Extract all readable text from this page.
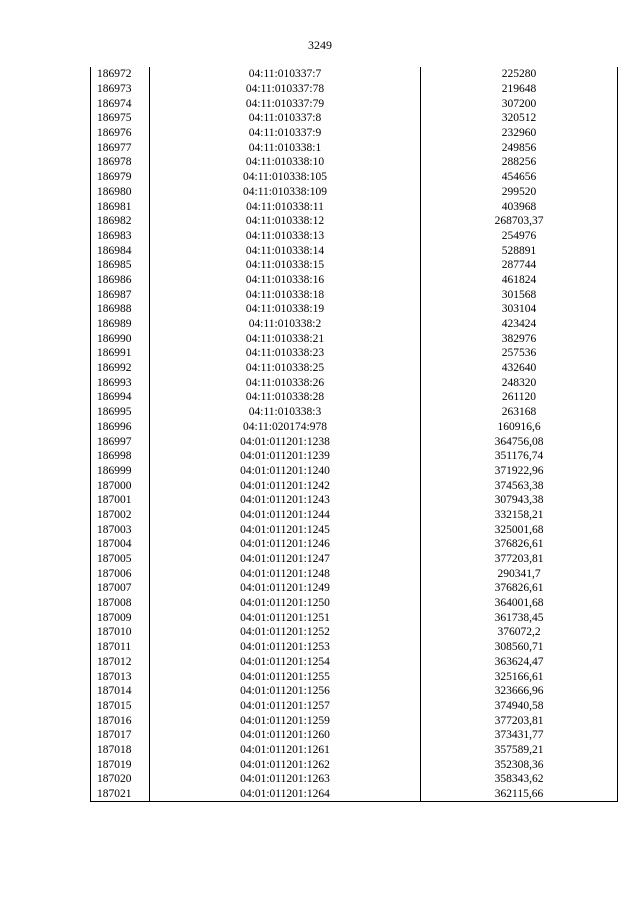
3249
186972	04:11:010337:7	225280
186973	04:11:010337:78	219648
186974	04:11:010337:79	307200
186975	04:11:010337:8	320512
186976	04:11:010337:9	232960
186977	04:11:010338:1	249856
186978	04:11:010338:10	288256
186979	04:11:010338:105	454656
186980	04:11:010338:109	299520
186981	04:11:010338:11	403968
186982	04:11:010338:12	268703,37
186983	04:11:010338:13	254976
186984	04:11:010338:14	528891
186985	04:11:010338:15	287744
186986	04:11:010338:16	461824
186987	04:11:010338:18	301568
186988	04:11:010338:19	303104
186989	04:11:010338:2	423424
186990	04:11:010338:21	382976
186991	04:11:010338:23	257536
186992	04:11:010338:25	432640
186993	04:11:010338:26	248320
186994	04:11:010338:28	261120
186995	04:11:010338:3	263168
186996	04:11:020174:978	160916,6
186997	04:01:011201:1238	364756,08
186998	04:01:011201:1239	351176,74
186999	04:01:011201:1240	371922,96
187000	04:01:011201:1242	374563,38
187001	04:01:011201:1243	307943,38
187002	04:01:011201:1244	332158,21
187003	04:01:011201:1245	325001,68
187004	04:01:011201:1246	376826,61
187005	04:01:011201:1247	377203,81
187006	04:01:011201:1248	290341,7
187007	04:01:011201:1249	376826,61
187008	04:01:011201:1250	364001,68
187009	04:01:011201:1251	361738,45
187010	04:01:011201:1252	376072,2
187011	04:01:011201:1253	308560,71
187012	04:01:011201:1254	363624,47
187013	04:01:011201:1255	325166,61
187014	04:01:011201:1256	323666,96
187015	04:01:011201:1257	374940,58
187016	04:01:011201:1259	377203,81
187017	04:01:011201:1260	373431,77
187018	04:01:011201:1261	357589,21
187019	04:01:011201:1262	352308,36
187020	04:01:011201:1263	358343,62
187021	04:01:011201:1264	362115,66
